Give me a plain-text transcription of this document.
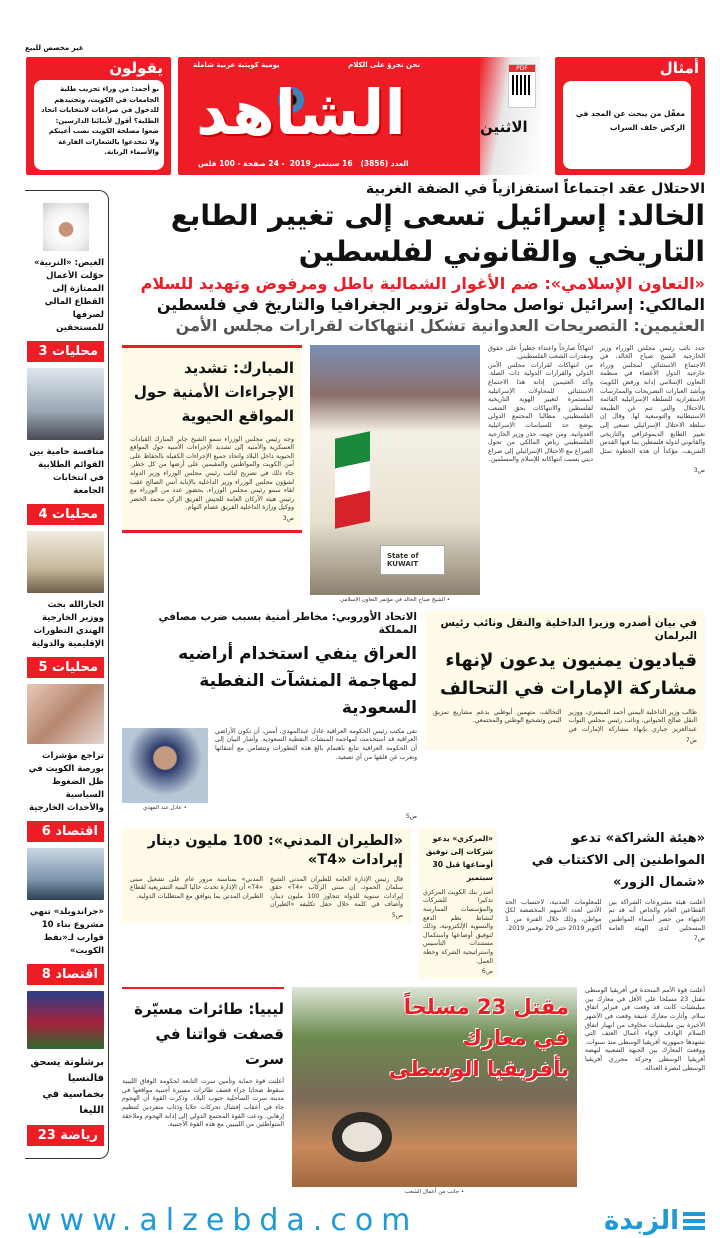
غير مخصص للبيع
يقولون
بو أحمد: من وراء تحزيب طلبة الجامعات في الكويت، وتجنيدهم للدخول في صراعات لانتخابات اتحاد الطلبة؟ أقول لأبنائنا الدارسين: ضعوا مصلحة الكويت نصب أعينكم ولا تنخدعوا بالشعارات الفارغة والأسماء الرنانة.
نحن نجرؤ على الكلام
يومية كويتية عربية شاملة
الشاهد
العدد (3856)   16 سبتمبر 2019  - 24 صفحة - 100 فلس
PDF
الاثنين
أمثال
مغفّل من يبحث عن المجد في الركض خلف السراب
الغيص: «التربية» حوّلت الأعمال الممتازة إلى القطاع المالي لصرفها للمستحقين
محليات 3
منافسة حامية بين القوائم الطلابية في انتخابات الجامعة
محليات 4
الجارالله بحث ووزير الخارجية الهندي التطورات الإقليمية والدولية
محليات 5
تراجع مؤشرات بورصة الكويت في ظل الضغوط السياسية والأحداث الخارجية
اقتصاد 6
«جراندويلد» تنهي مشروع بناء 10 قوارب لـ«نفط الكويت»
اقتصاد 8
برشلونة يسحق فالنسيا بخماسية في الليغا
رياضة 23
الاحتلال عقد اجتماعاً استفزازياً في الضفة الغربية
الخالد: إسرائيل تسعى إلى تغيير الطابع التاريخي والقانوني لفلسطين
«التعاون الإسلامي»: ضم الأغوار الشمالية باطل ومرفوض وتهديد للسلام
المالكي: إسرائيل تواصل محاولة تزوير الجغرافيا والتاريخ في فلسطين
العثيمين: التصريحات العدوانية تشكل انتهاكات لقرارات مجلس الأمن

جدد نائب رئيس مجلس الوزراء وزير الخارجية الشيخ صباح الخالد، في الاجتماع الاستثنائي لمجلس وزراء خارجية الدول الأعضاء في منظمة التعاون الإسلامي إدانة ورفض الكويت وبأشد العبارات التصريحات والممارسات الاستفزازية للسلطة الإسرائيلية القائمة بالاحتلال والتي تنم عن الطبيعة الاستيطانية والتوسعية لها. وقال إن سلطة الاحتلال الإسرائيلي تسعى إلى تغيير الطابع الديموغرافي والتاريخي والقانوني لدولة فلسطين بما فيها القدس الشريف، مؤكداً أن هذه الخطوة تمثل انتهاكاً صارخاً واعتداء خطيراً على حقوق ومقدرات الشعب الفلسطيني.

من انتهاكات لقرارات مجلس الأمن الدولي والقرارات الدولية ذات الصلة. وأكد العثيمين إدانة هذا الاجتماع الاستثنائي للمحاولات الإسرائيلية المستمرة لتغيير الهوية التاريخية لفلسطين والانتهاكات بحق الشعب الفلسطيني، مطالبا المجتمع الدولي بوضع حد للسياسات الإسرائيلية العدوانية. ومن جهته، حذر وزير الخارجية الفلسطيني رياض المالكي من تحول الصراع مع الاحتلال الإسرائيلي إلى صراع ديني بسبب انتهاكاته للإسلام والمسلمين.

ص3
State of KUWAIT
• الشيخ صباح الخالد في مؤتمر التعاون الإسلامي
المبارك: تشديد الإجراءات الأمنية حول المواقع الحيوية
وجه رئيس مجلس الوزراء سمو الشيخ جابر المبارك القيادات العسكرية والأمنية إلى تشديد الإجراءات الأمنية حول المواقع الحيوية داخل البلاد واتخاذ جميع الإجراءات الكفيلة بالحفاظ على أمن الكويت والمواطنين والمقيمين على أرضها من كل خطر. جاء ذلك في تصريح لنائب رئيس مجلس الوزراء وزير الدولة لشؤون مجلس الوزراء وزير الداخلية بالإنابة أنس الصالح عقب لقاء سمو رئيس مجلس الوزراء، بحضور عدد من الوزراء مع رئيس هيئة الأركان العامة للجيش الفريق الركن محمد الخضر ووكيل وزارة الداخلية الفريق عصام النهام.
ص3
في بيان أصدره وزيرا الداخلية والنقل ونائب رئيس البرلمان
قياديون يمنيون يدعون لإنهاء مشاركة الإمارات في التحالف
طالب وزير الداخلية اليمني أحمد الميسري، ووزير النقل صالح الجبواني، ونائب رئيس مجلس النواب عبدالعزيز جباري بإنهاء مشاركة الإمارات في التحالف، متهمين أبوظبي بدعم مشاريع تمزيق اليمن وتشجيع الوطني والمجتمعي.
ص7
الاتحاد الأوروبي: مخاطر أمنية بسبب ضرب مصافي المملكة
العراق ينفي استخدام أراضيه لمهاجمة المنشآت النفطية السعودية
نفى مكتب رئيس الحكومة العراقية عادل عبدالمهدي، أمس، أن تكون الأراضي العراقية قد استخدمت لمهاجمة المنشآت النفطية السعودية. وأشار البيان إلى أن الحكومة العراقية تتابع باهتمام بالغ هذه التطورات وتتضامن مع أشقائها وتعرب عن قلقها من أي تصعيد.
• عادل عبد المهدي
ص5
«هيئة الشراكة» تدعو المواطنين إلى الاكتتاب في «شمال الزور»
أعلنت هيئة مشروعات الشراكة بين القطاعين العام والخاص أنه قد تم الانتهاء من حصر أسماء المواطنين المسجلين لدى الهيئة العامة للمعلومات المدنية، لاحتساب الحد الأدنى لعدد الأسهم المخصصة لكل مواطن، وذلك خلال الفترة من 1 أكتوبر 2019 حتى 29 نوفمبر 2019.
ص7
«المركزي» يدعو شركات إلى توفيق أوضاعها قبل 30 سبتمبر
أصدر بنك الكويت المركزي تذكيرا للشركات والمؤسسات الممارسة لنشاط نظم الدفع والتسوية الإلكترونية، وذلك لتوفيق أوضاعها واستكمال مستندات التأسيس واستراتيجية الشركة وخطة العمل.
ص6
«الطيران المدني»: 100 مليون دينار إيرادات «T4»
قال رئيس الإدارة العامة للطيران المدني الشيخ سلمان الحمود، إن مبنى الركاب «T4» حقق إيرادات سنوية للدولة تتجاوز 100 مليون دينار، وأضاف في كلمة خلال حفل تكليفه «الطيران المدني» بمناسبة مرور عام على تشغيل مبنى «T4» أن الإدارة تحدث حاليا البنية التشريعية لقطاع الطيران المدني بما يتوافق مع المتطلبات الدولية.
ص5
أعلنت قوة الأمم المتحدة في أفريقيا الوسطى مقتل 23 مسلحا على الأقل في معارك بين ميليشيات كانت قد وقعت في فبراير اتفاق سلام. وأثارت معارك عنيفة وقعت في الأشهر الأخيرة بين ميليشيات مخاوف من انهيار اتفاق السلام الهادف لإنهاء أعمال العنف التي تشهدها جمهورية أفريقيا الوسطى منذ سنوات. ووقعت المعارك بين الجبهة الشعبية لنهضة أفريقيا الوسطى وحركة محرري أفريقيا الوسطى لنصرة العدالة.
مقتل 23 مسلحاً في معارك بأفريقيا الوسطى
• جانب من أعمال الشغب
ليبيا: طائرات مسيّرة قصفت قواتنا في سرت
أعلنت قوة حماية وتأمين سرت التابعة لحكومة الوفاق الليبية سقوط ضحايا جراء قصف طائرات مسيرة أجنبية مواقعها في مدينة سرت الساحلية جنوب البلاد. وذكرت القوة أن الهجوم جاء في أعقاب إفشال تحركات خلايا وذئاب منفردين لتنظيم إرهابي. ودعت القوة المجتمع الدولي إلى إدانة الهجوم وملاحقة المتواطئين من الليبيين مع هذه القوة الأجنبية.
www.alzebda.com	الزبدة
